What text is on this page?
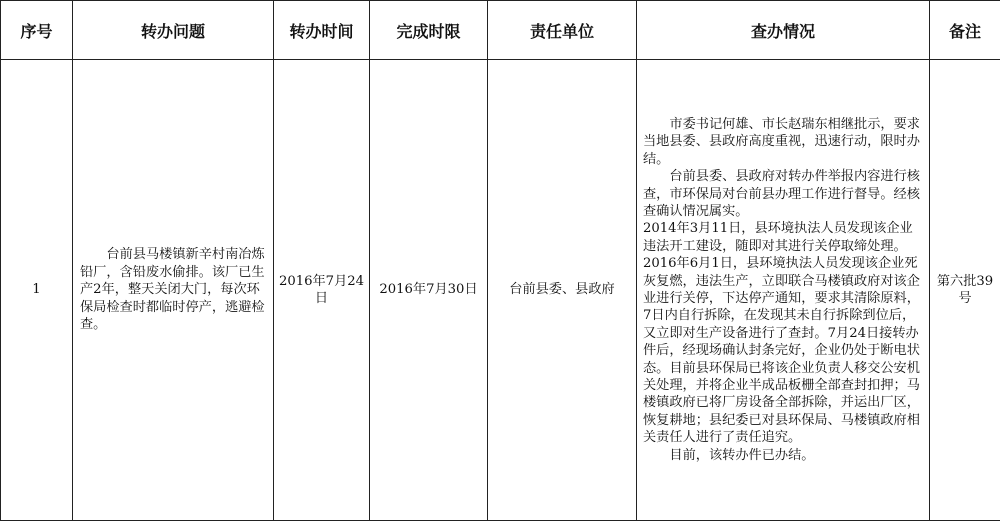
序号	转办问题	转办时间	完成时限	责任单位	查办情况	备注
1	台前县马楼镇新辛村南冶炼铅厂，含铅废水偷排。该厂已生产2年，整天关闭大门，每次环保局检查时都临时停产，逃避检查。	2016年7月24日	2016年7月30日	台前县委、县政府	市委书记何雄、市长赵瑞东相继批示，要求当地县委、县政府高度重视，迅速行动，限时办结。

台前县委、县政府对转办件举报内容进行核查，市环保局对台前县办理工作进行督导。经核查确认情况属实。

2014年3月11日，县环境执法人员发现该企业违法开工建设，随即对其进行关停取缔处理。2016年6月1日，县环境执法人员发现该企业死灰复燃，违法生产，立即联合马楼镇政府对该企业进行关停，下达停产通知，要求其清除原料，7日内自行拆除，在发现其未自行拆除到位后，又立即对生产设备进行了查封。7月24日接转办件后，经现场确认封条完好，企业仍处于断电状态。目前县环保局已将该企业负责人移交公安机关处理，并将企业半成品板栅全部查封扣押；马楼镇政府已将厂房设备全部拆除，并运出厂区，恢复耕地；县纪委已对县环保局、马楼镇政府相关责任人进行了责任追究。

目前，该转办件已办结。	第六批39号
